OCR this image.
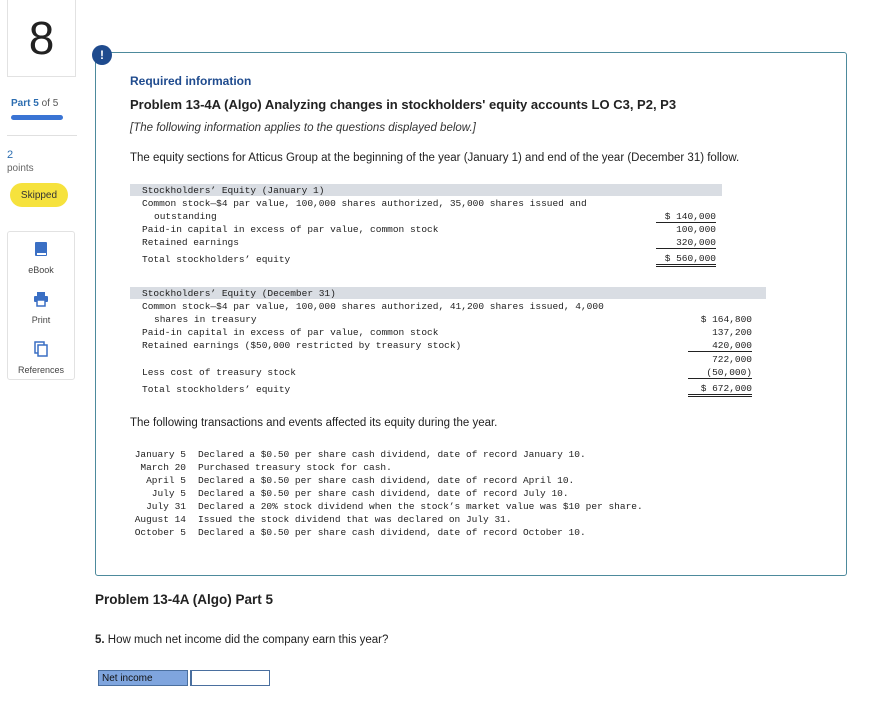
8
Part 5 of 5
2
points
Skipped
eBook
Print
References
Required information
Problem 13-4A (Algo) Analyzing changes in stockholders' equity accounts LO C3, P2, P3
[The following information applies to the questions displayed below.]
The equity sections for Atticus Group at the beginning of the year (January 1) and end of the year (December 31) follow.
Stockholders’ Equity (January 1)
Common stock—$4 par value, 100,000 shares authorized, 35,000 shares issued and
outstanding	$ 140,000
Paid-in capital in excess of par value, common stock	100,000
Retained earnings	320,000
Total stockholders’ equity	$ 560,000
Stockholders’ Equity (December 31)
Common stock—$4 par value, 100,000 shares authorized, 41,200 shares issued, 4,000
shares in treasury	$ 164,800
Paid-in capital in excess of par value, common stock	137,200
Retained earnings ($50,000 restricted by treasury stock)	420,000
722,000
Less cost of treasury stock	(50,000)
Total stockholders’ equity	$ 672,000
The following transactions and events affected its equity during the year.
January 5 Declared a $0.50 per share cash dividend, date of record January 10.
March 20 Purchased treasury stock for cash.
April 5 Declared a $0.50 per share cash dividend, date of record April 10.
July 5 Declared a $0.50 per share cash dividend, date of record July 10.
July 31 Declared a 20% stock dividend when the stock’s market value was $10 per share.
August 14 Issued the stock dividend that was declared on July 31.
October 5 Declared a $0.50 per share cash dividend, date of record October 10.
!
Problem 13-4A (Algo) Part 5
5. How much net income did the company earn this year?
Net income
